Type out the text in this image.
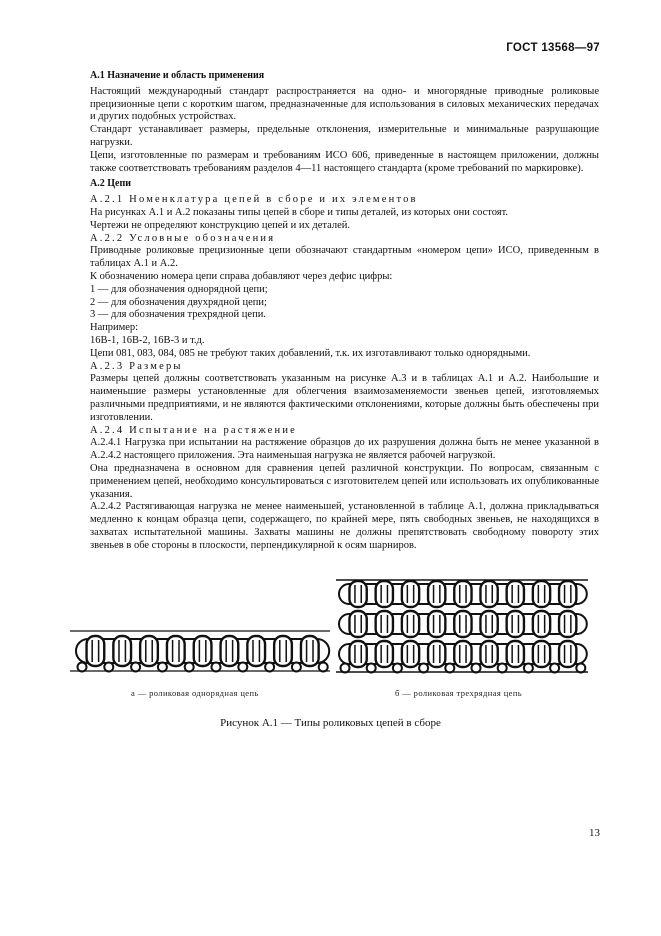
ГОСТ 13568—97

А.1 Назначение и область применения

Настоящий международный стандарт распространяется на одно- и многорядные приводные роликовые прецизионные цепи с коротким шагом, предназначенные для использования в силовых механических передачах и других подобных устройствах.

Стандарт устанавливает размеры, предельные отклонения, измерительные и минимальные разрушающие нагрузки.

Цепи, изготовленные по размерам и требованиям ИСО 606, приведенные в настоящем приложении, должны также соответствовать требованиям разделов 4—11 настоящего стандарта (кроме требований по маркировке).

А.2 Цепи

А.2.1 Номенклатура цепей в сборе и их элементов

На рисунках А.1 и А.2 показаны типы цепей в сборе и типы деталей, из которых они состоят.

Чертежи не определяют конструкцию цепей и их деталей.

А.2.2 Условные обозначения

Приводные роликовые прецизионные цепи обозначают стандартным «номером цепи» ИСО, приведенным в таблицах А.1 и А.2.

К обозначению номера цепи справа добавляют через дефис цифры:

1 — для обозначения однорядной цепи;

2 — для обозначения двухрядной цепи;

3 — для обозначения трехрядной цепи.

Например:

16В-1, 16В-2, 16В-3 и т.д.

Цепи 081, 083, 084, 085 не требуют таких добавлений, т.к. их изготавливают только однорядными.

А.2.3 Размеры

Размеры цепей должны соответствовать указанным на рисунке А.3 и в таблицах А.1 и А.2. Наибольшие и наименьшие размеры установленные для облегчения взаимозаменяемости звеньев цепей, изготовляемых различными предприятиями, и не являются фактическими отклонениями, которые должны быть обеспечены при изготовлении.

А.2.4 Испытание на растяжение

А.2.4.1 Нагрузка при испытании на растяжение образцов до их разрушения должна быть не менее указанной в А.2.4.2 настоящего приложения. Эта наименьшая нагрузка не является рабочей нагрузкой.

Она предназначена в основном для сравнения цепей различной конструкции. По вопросам, связанным с применением цепей, необходимо консультироваться с изготовителем цепей или использовать их опубликованные указания.

А.2.4.2 Растягивающая нагрузка не менее наименьшей, установленной в таблице А.1, должна прикладываться медленно к концам образца цепи, содержащего, по крайней мере, пять свободных звеньев, не находящихся в захватах испытательной машины. Захваты машины не должны препятствовать свободному повороту этих звеньев в обе стороны в плоскости, перпендикулярной к осям шарниров.

а — роликовая однорядная цепь	б — роликовая трехрядная цепь
Рисунок А.1 — Типы роликовых цепей в сборе
13
